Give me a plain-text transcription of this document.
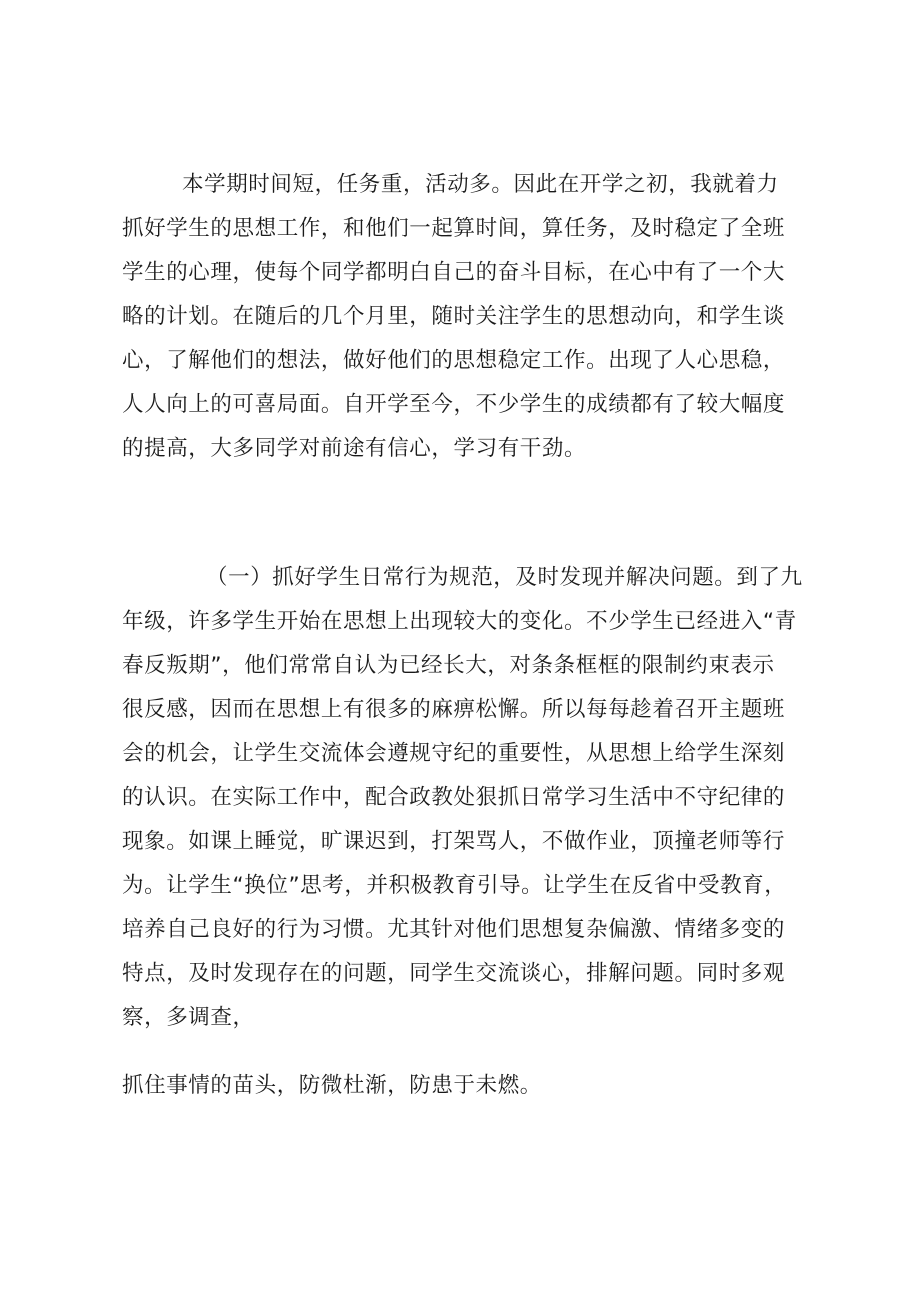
本学期时间短，任务重，活动多。因此在开学之初，我就着力
抓好学生的思想工作，和他们一起算时间，算任务，及时稳定了全班
学生的心理，使每个同学都明白自己的奋斗目标，在心中有了一个大
略的计划。在随后的几个月里，随时关注学生的思想动向，和学生谈
心，了解他们的想法，做好他们的思想稳定工作。出现了人心思稳，
人人向上的可喜局面。自开学至今，不少学生的成绩都有了较大幅度
的提高，大多同学对前途有信心，学习有干劲。

（一）抓好学生日常行为规范，及时发现并解决问题。到了九
年级，许多学生开始在思想上出现较大的变化。不少学生已经进入“青
春反叛期”，他们常常自认为已经长大，对条条框框的限制约束表示
很反感，因而在思想上有很多的麻痹松懈。所以每每趁着召开主题班
会的机会，让学生交流体会遵规守纪的重要性，从思想上给学生深刻
的认识。在实际工作中，配合政教处狠抓日常学习生活中不守纪律的
现象。如课上睡觉，旷课迟到，打架骂人，不做作业，顶撞老师等行
为。让学生“换位”思考，并积极教育引导。让学生在反省中受教育，
培养自己良好的行为习惯。尤其针对他们思想复杂偏激、情绪多变的
特点，及时发现存在的问题，同学生交流谈心，排解问题。同时多观
察，多调查，

抓住事情的苗头，防微杜渐，防患于未燃。
